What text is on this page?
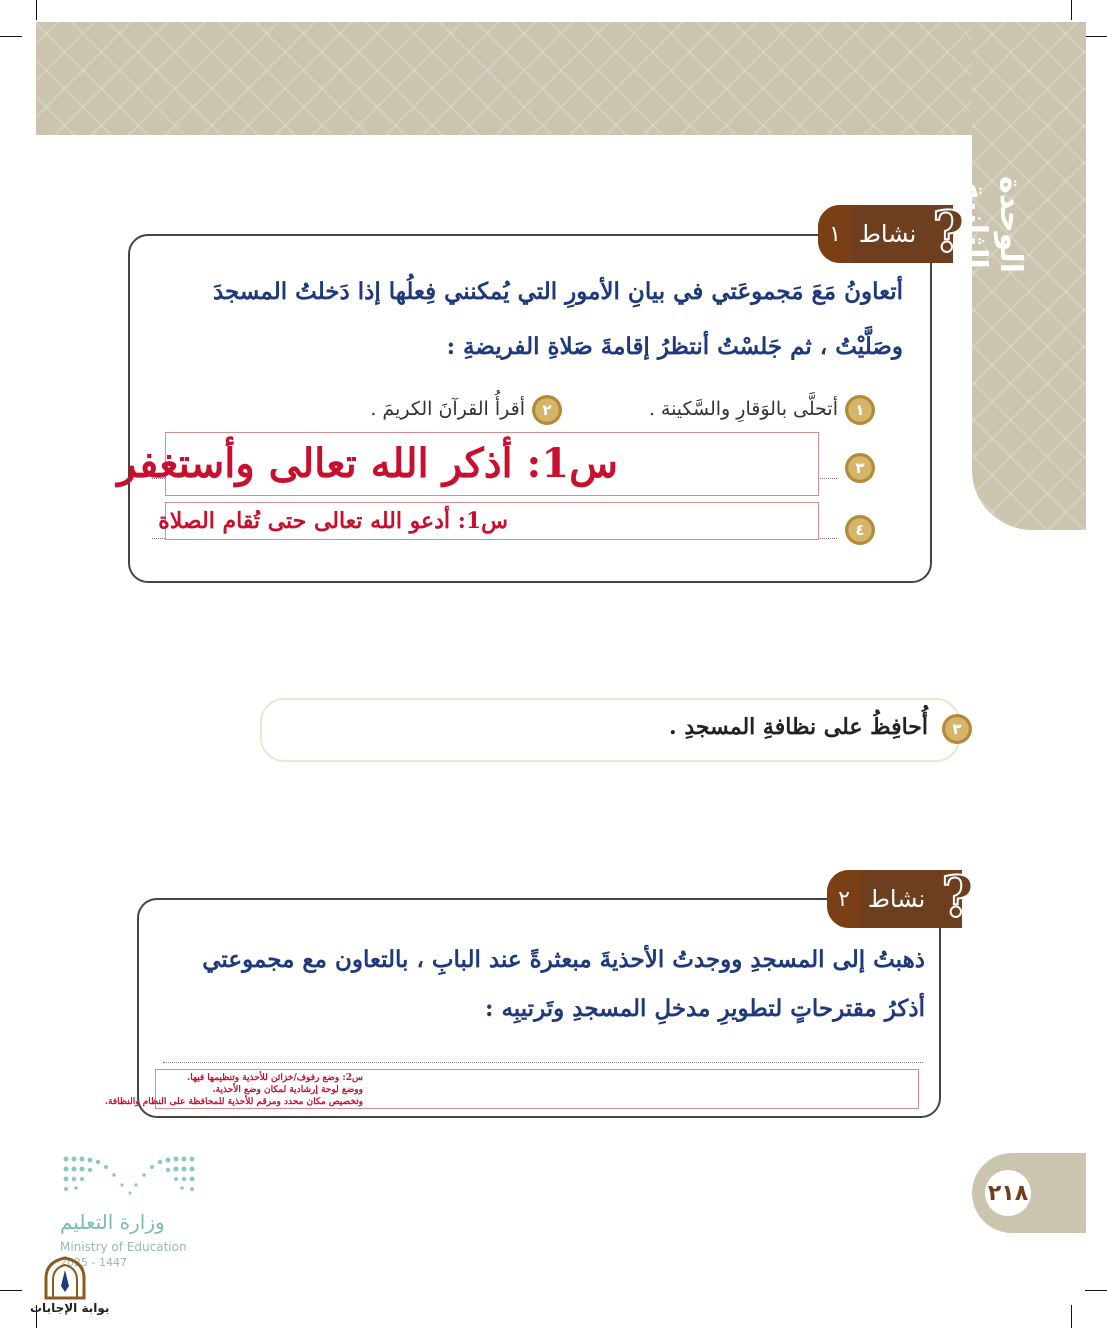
الوحدة الثانية
١ نشاط ?
أتعاونُ مَعَ مَجموعَتي في بيانِ الأمورِ التي يُمكنني فِعلُها إذا دَخلتُ المسجدَ
وصَلَّيْتُ ، ثم جَلسْتُ أنتظرُ إقامةَ صَلاةِ الفريضةِ :
١
أتحلَّى بالوَقارِ والسَّكينة .
٢
أقرأُ القرآنَ الكريمَ .
٣
س1: أذكر الله تعالى وأستغفر
٤
س1: أدعو الله تعالى حتى تُقام الصلاة
٣
أُحافِظُ على نظافةِ المسجدِ .
٢ نشاط ?
ذهبتُ إلى المسجدِ ووجدتُ الأحذيةَ مبعثرةً عند البابِ ، بالتعاون مع مجموعتي
أذكرُ مقترحاتٍ لتطويرِ مدخلِ المسجدِ وتَرتيبِه :
س2: وضع رفوف/خزائن للأحذية وتنظيمها فيها.
ووضع لوحة إرشادية لمكان وضع الأحذية.
وتخصيص مكان محدد ومرقم للأحذية للمحافظة على النظام والنظافة.
٢١٨
وزارة التعليم
Ministry of Education
2025 - 1447
بوابة الإجابات
